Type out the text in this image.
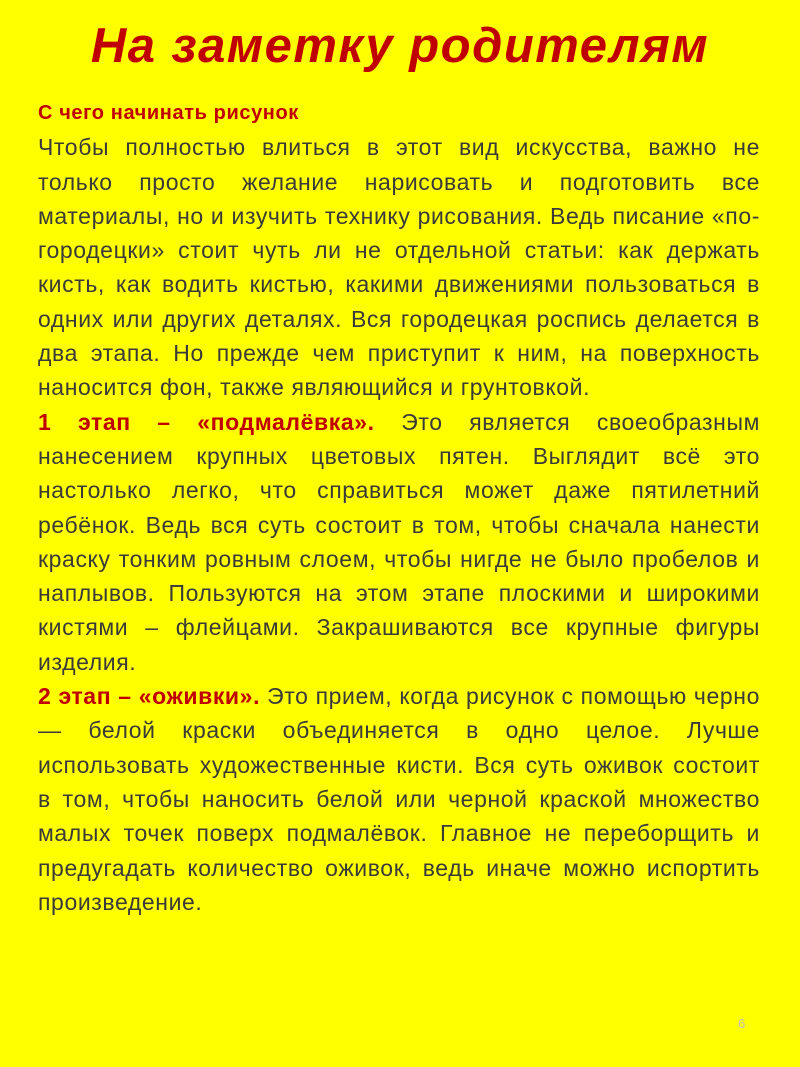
На заметку родителям

С чего начинать рисунок

Чтобы полностью влиться в этот вид искусства, важно не только просто желание нарисовать и подготовить все материалы, но и изучить технику рисования. Ведь писание «по-городецки» стоит чуть ли не отдельной статьи: как держать кисть, как водить кистью, какими движениями пользоваться в одних или других деталях. Вся городецкая роспись делается в два этапа. Но прежде чем приступит к ним, на поверхность наносится фон, также являющийся и грунтовкой.

1 этап – «подмалёвка». Это является своеобразным нанесением крупных цветовых пятен. Выглядит всё это настолько легко, что справиться может даже пятилетний ребёнок. Ведь вся суть состоит в том, чтобы сначала нанести краску тонким ровным слоем, чтобы нигде не было пробелов и наплывов. Пользуются на этом этапе плоскими и широкими кистями – флейцами. Закрашиваются все крупные фигуры изделия.

2 этап – «оживки». Это прием, когда рисунок с помощью черно — белой краски объединяется в одно целое. Лучше использовать художественные кисти. Вся суть оживок состоит в том, чтобы наносить белой или черной краской множество малых точек поверх подмалёвок. Главное не переборщить и предугадать количество оживок, ведь иначе можно испортить произведение.

6
